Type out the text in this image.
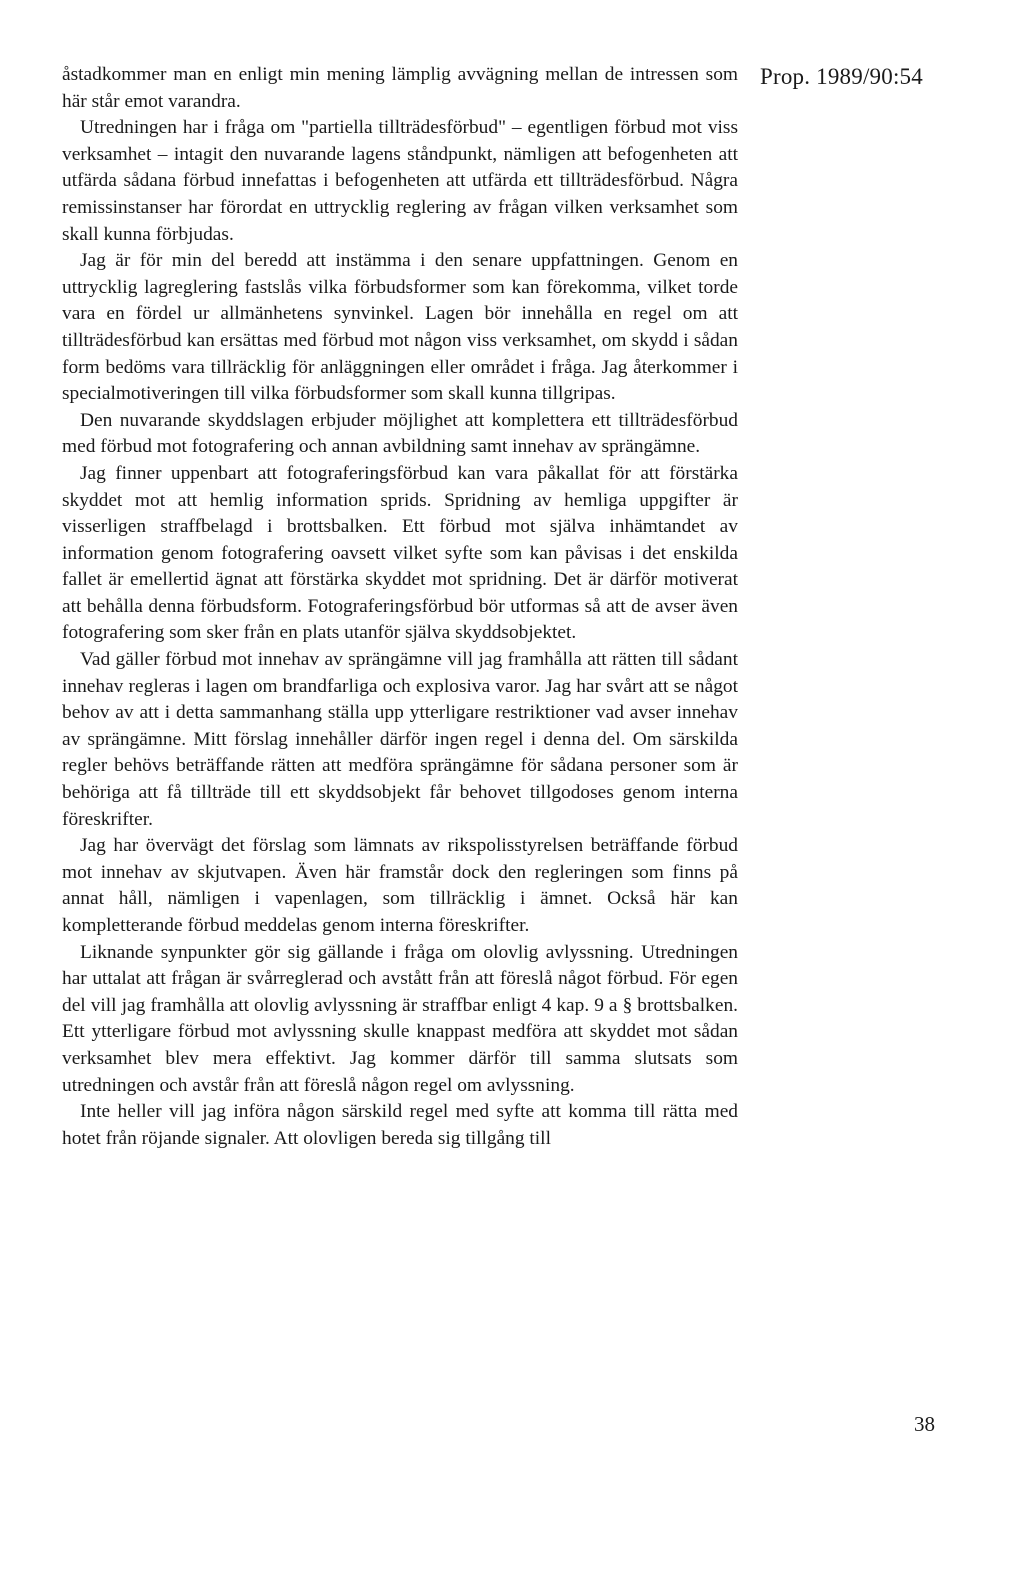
Prop. 1989/90:54

åstadkommer man en enligt min mening lämplig avvägning mellan de intressen som här står emot varandra.

Utredningen har i fråga om "partiella tillträdesförbud" – egentligen förbud mot viss verksamhet – intagit den nuvarande lagens ståndpunkt, nämligen att befogenheten att utfärda sådana förbud innefattas i befogenheten att utfärda ett tillträdesförbud. Några remissinstanser har förordat en uttrycklig reglering av frågan vilken verksamhet som skall kunna förbjudas.

Jag är för min del beredd att instämma i den senare uppfattningen. Genom en uttrycklig lagreglering fastslås vilka förbudsformer som kan förekomma, vilket torde vara en fördel ur allmänhetens synvinkel. Lagen bör innehålla en regel om att tillträdesförbud kan ersättas med förbud mot någon viss verksamhet, om skydd i sådan form bedöms vara tillräcklig för anläggningen eller området i fråga. Jag återkommer i specialmotiveringen till vilka förbudsformer som skall kunna tillgripas.

Den nuvarande skyddslagen erbjuder möjlighet att komplettera ett tillträdesförbud med förbud mot fotografering och annan avbildning samt innehav av sprängämne.

Jag finner uppenbart att fotograferingsförbud kan vara påkallat för att förstärka skyddet mot att hemlig information sprids. Spridning av hemliga uppgifter är visserligen straffbelagd i brottsbalken. Ett förbud mot själva inhämtandet av information genom fotografering oavsett vilket syfte som kan påvisas i det enskilda fallet är emellertid ägnat att förstärka skyddet mot spridning. Det är därför motiverat att behålla denna förbudsform. Fotograferingsförbud bör utformas så att de avser även fotografering som sker från en plats utanför själva skyddsobjektet.

Vad gäller förbud mot innehav av sprängämne vill jag framhålla att rätten till sådant innehav regleras i lagen om brandfarliga och explosiva varor. Jag har svårt att se något behov av att i detta sammanhang ställa upp ytterligare restriktioner vad avser innehav av sprängämne. Mitt förslag innehåller därför ingen regel i denna del. Om särskilda regler behövs beträffande rätten att medföra sprängämne för sådana personer som är behöriga att få tillträde till ett skyddsobjekt får behovet tillgodoses genom interna föreskrifter.

Jag har övervägt det förslag som lämnats av rikspolisstyrelsen beträffande förbud mot innehav av skjutvapen. Även här framstår dock den regleringen som finns på annat håll, nämligen i vapenlagen, som tillräcklig i ämnet. Också här kan kompletterande förbud meddelas genom interna föreskrifter.

Liknande synpunkter gör sig gällande i fråga om olovlig avlyssning. Utredningen har uttalat att frågan är svårreglerad och avstått från att föreslå något förbud. För egen del vill jag framhålla att olovlig avlyssning är straffbar enligt 4 kap. 9 a § brottsbalken. Ett ytterligare förbud mot avlyssning skulle knappast medföra att skyddet mot sådan verksamhet blev mera effektivt. Jag kommer därför till samma slutsats som utredningen och avstår från att föreslå någon regel om avlyssning.

Inte heller vill jag införa någon särskild regel med syfte att komma till rätta med hotet från röjande signaler. Att olovligen bereda sig tillgång till

38
